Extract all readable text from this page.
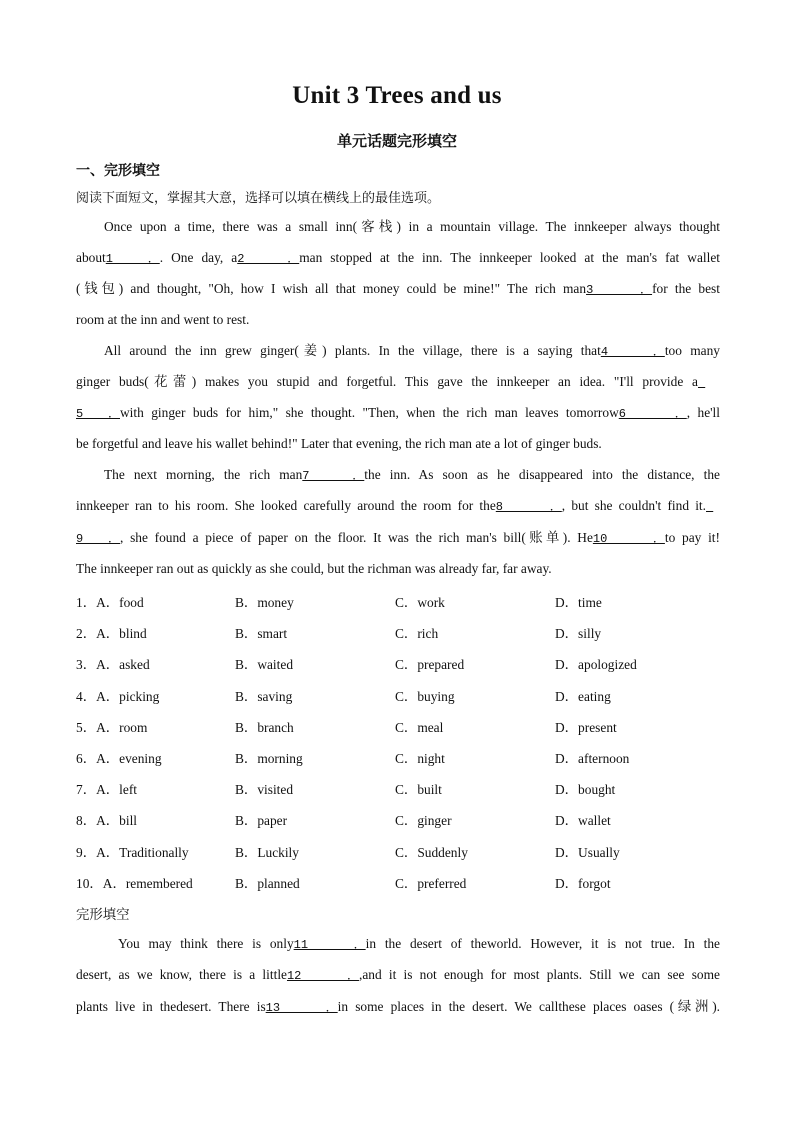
Unit 3 Trees and us
单元话题完形填空
一、完形填空
阅读下面短文，掌握其大意，选择可以填在横线上的最佳选项。
Once upon a time, there was a small inn(客栈) in a mountain village. The innkeeper always thought
about1．. One day, a2．man stopped at the inn. The innkeeper looked at the man's fat wallet
(钱包) and thought, "Oh, how I wish all that money could be mine!" The rich man3．for the best
room at the inn and went to rest.
All around the inn grew ginger(姜) plants. In the village, there is a saying that4．too many
ginger buds(花蕾) makes you stupid and forgetful. This gave the innkeeper an idea. "I'll provide a
5．with ginger buds for him," she thought. "Then, when the rich man leaves tomorrow6．, he'll
be forgetful and leave his wallet behind!" Later that evening, the rich man ate a lot of ginger buds.
The next morning, the rich man7．the inn. As soon as he disappeared into the distance, the
innkeeper ran to his room. She looked carefully around the room for the8．, but she couldn't find it.
9．, she found a piece of paper on the floor. It was the rich man's bill(账单). He10．to pay it!
The innkeeper ran out as quickly as she could, but the richman was already far, far away.
1．A．food	B．money	C．work	D．time
2．A．blind	B．smart	C．rich	D．silly
3．A．asked	B．waited	C．prepared	D．apologized
4．A．picking	B．saving	C．buying	D．eating
5．A．room	B．branch	C．meal	D．present
6．A．evening	B．morning	C．night	D．afternoon
7．A．left	B．visited	C．built	D．bought
8．A．bill	B．paper	C．ginger	D．wallet
9．A．Traditionally	B．Luckily	C．Suddenly	D．Usually
10．A．remembered	B．planned	C．preferred	D．forgot
完形填空
You may think there is only11．in the desert of theworld. However, it is not true. In the
desert, as we know, there is a little12．,and it is not enough for most plants. Still we can see some
plants live in thedesert. There is13．in some places in the desert. We callthese places oases (绿洲).
